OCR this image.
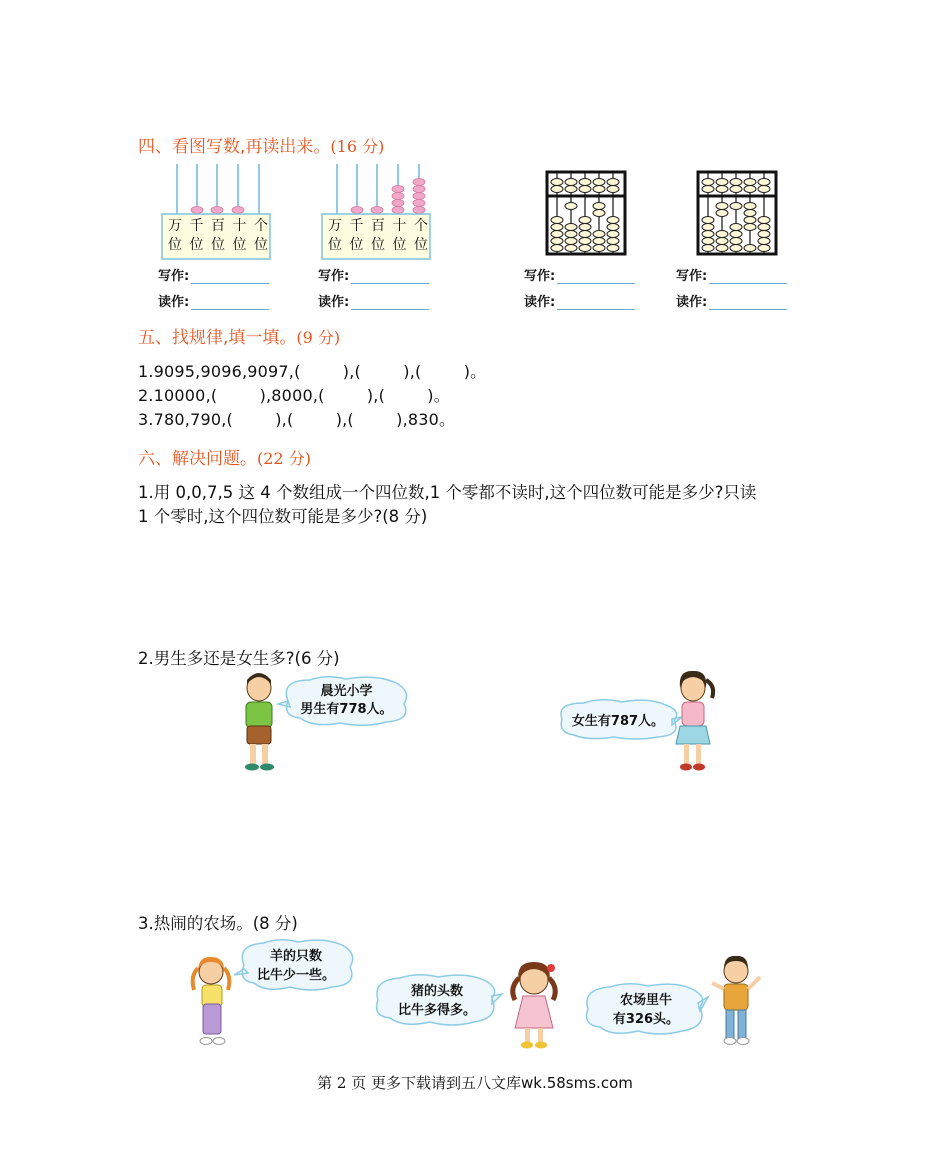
四、看图写数,再读出来。(16 分)
万 千 百 十 个
位 位 位 位 位
万 千 百 十 个
位 位 位 位 位
写作:
读作:
写作:
读作:
写作:
读作:
写作:
读作:
五、找规律,填一填。(9 分)
1.9095,9096,9097,(        ),(        ),(        )。
2.10000,(        ),8000,(        ),(        )。
3.780,790,(        ),(        ),(        ),830。
六、解决问题。(22 分)
1.用 0,0,7,5 这 4 个数组成一个四位数,1 个零都不读时,这个四位数可能是多少?只读
1 个零时,这个四位数可能是多少?(8 分)
2.男生多还是女生多?(6 分)
晨光小学
男生有778人。
女生有787人。
3.热闹的农场。(8 分)
羊的只数
比牛少一些。
猪的头数
比牛多得多。
农场里牛
有326头。
第 2 页 更多下载请到五八文库wk.58sms.com
